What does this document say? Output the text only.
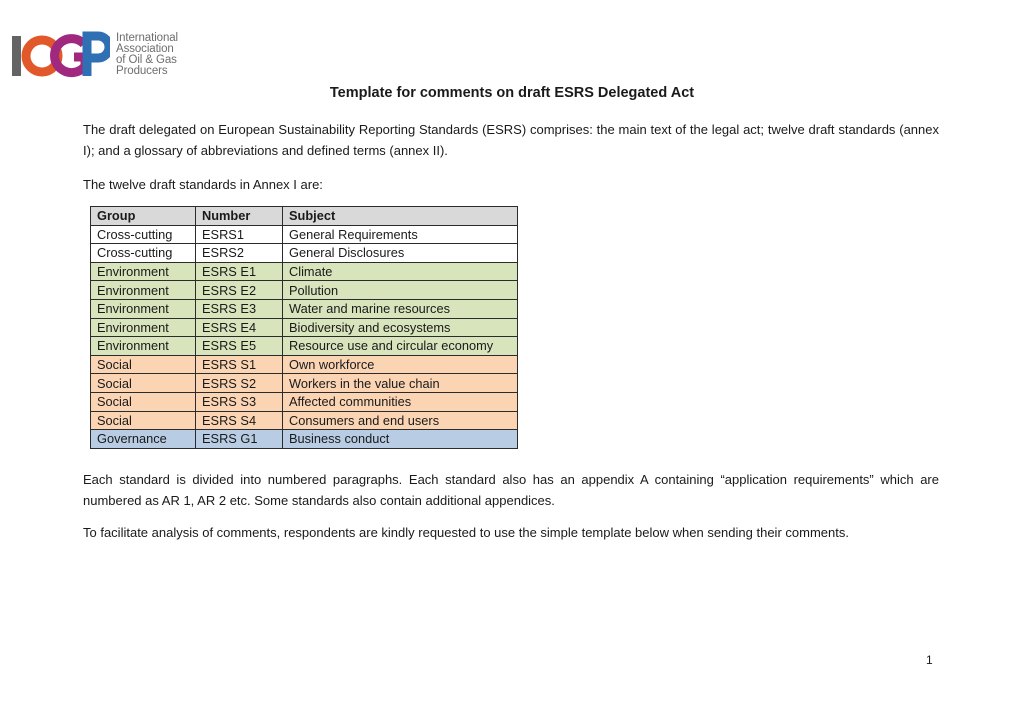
International
Association
of Oil & Gas
Producers
Template for comments on draft ESRS Delegated Act
The draft delegated on European Sustainability Reporting Standards (ESRS) comprises: the main text of the legal act; twelve draft standards (annex I); and a glossary of abbreviations and defined terms (annex II).
The twelve draft standards in Annex I are:
Group	Number	Subject
Cross-cutting	ESRS1	General Requirements
Cross-cutting	ESRS2	General Disclosures
Environment	ESRS E1	Climate
Environment	ESRS E2	Pollution
Environment	ESRS E3	Water and marine resources
Environment	ESRS E4	Biodiversity and ecosystems
Environment	ESRS E5	Resource use and circular economy
Social	ESRS S1	Own workforce
Social	ESRS S2	Workers in the value chain
Social	ESRS S3	Affected communities
Social	ESRS S4	Consumers and end users
Governance	ESRS G1	Business conduct
Each standard is divided into numbered paragraphs. Each standard also has an appendix A containing “application requirements” which are numbered as AR 1, AR 2 etc. Some standards also contain additional appendices.
To facilitate analysis of comments, respondents are kindly requested to use the simple template below when sending their comments.
1
